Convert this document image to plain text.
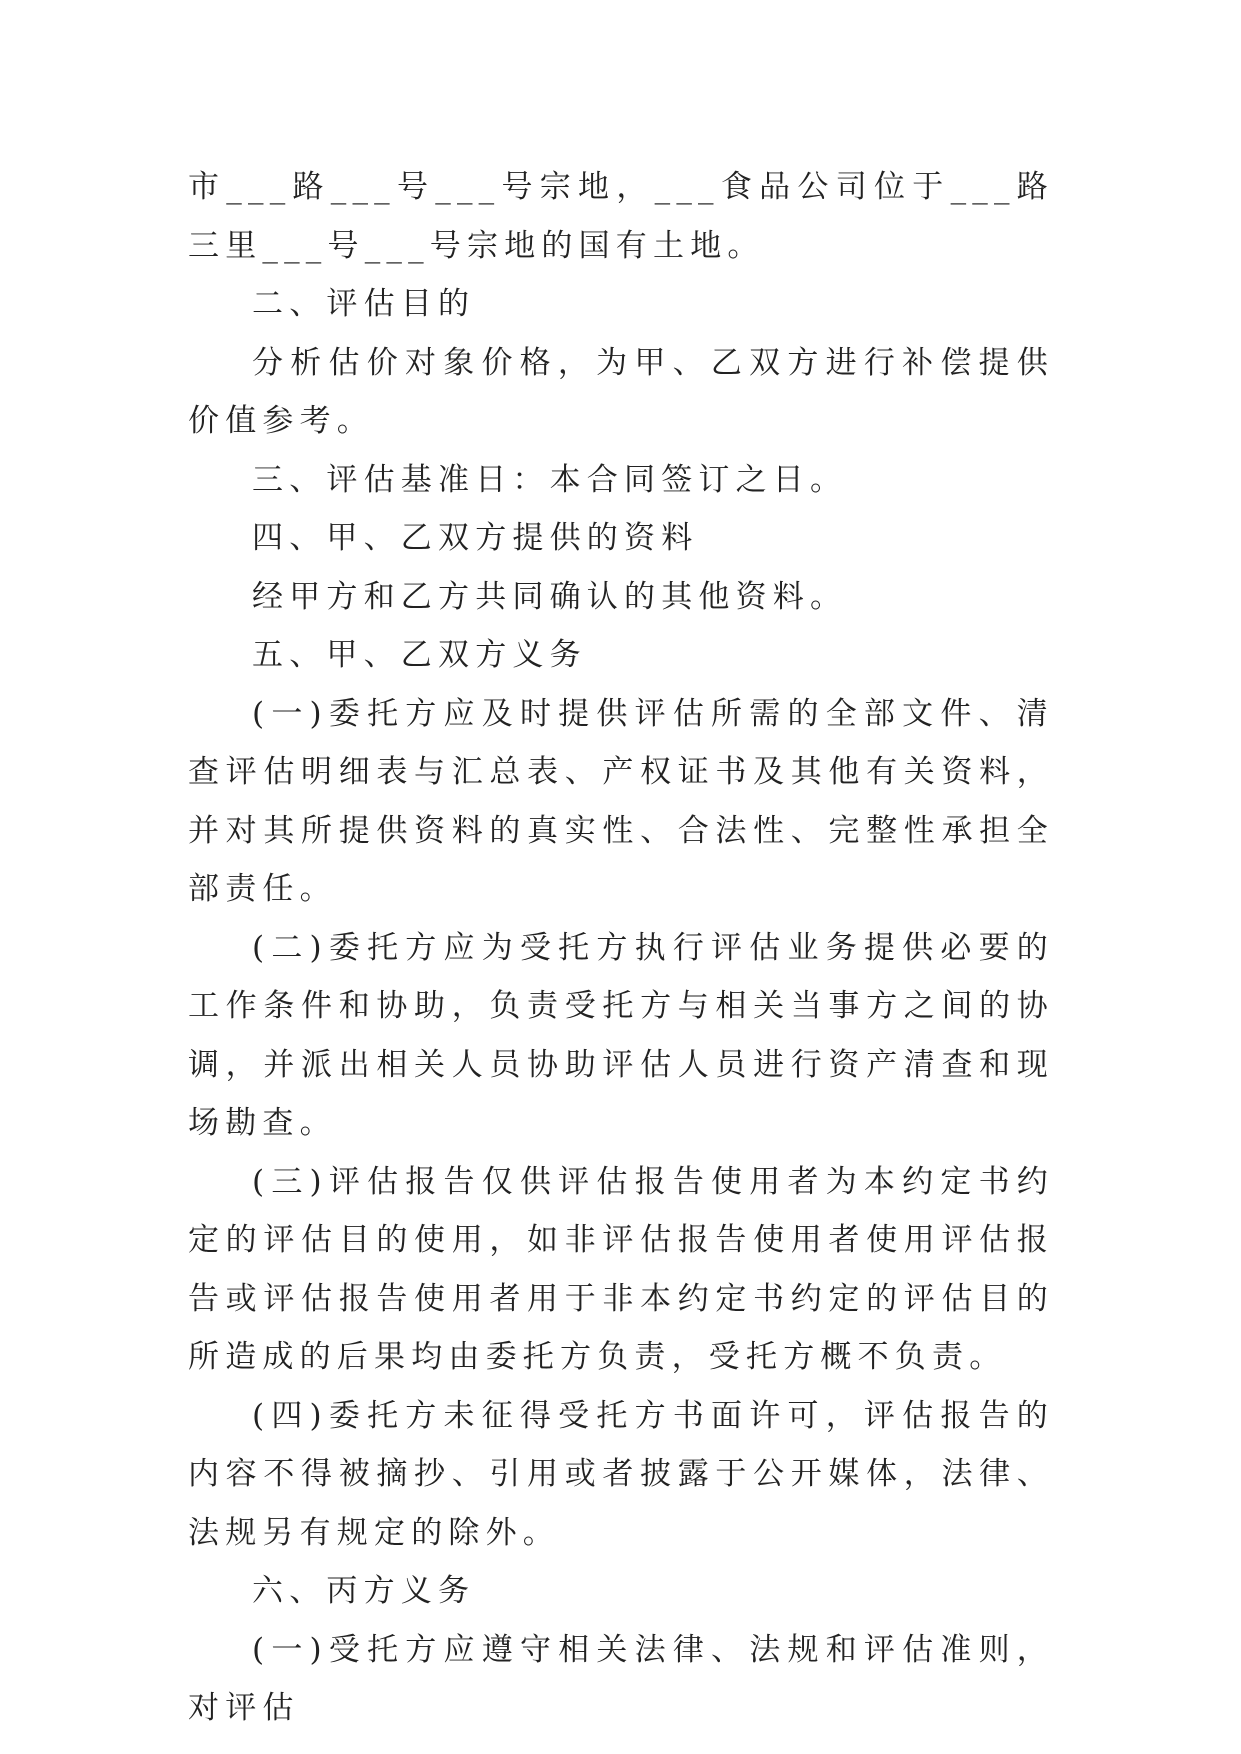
市___路___号___号宗地，___食品公司位于___路三里___号___号宗地的国有土地。

二、评估目的

分析估价对象价格，为甲、乙双方进行补偿提供价值参考。

三、评估基准日：本合同签订之日。

四、甲、乙双方提供的资料

经甲方和乙方共同确认的其他资料。

五、甲、乙双方义务

(一)委托方应及时提供评估所需的全部文件、清查评估明细表与汇总表、产权证书及其他有关资料，并对其所提供资料的真实性、合法性、完整性承担全部责任。

(二)委托方应为受托方执行评估业务提供必要的工作条件和协助，负责受托方与相关当事方之间的协调，并派出相关人员协助评估人员进行资产清查和现场勘查。

(三)评估报告仅供评估报告使用者为本约定书约定的评估目的使用，如非评估报告使用者使用评估报告或评估报告使用者用于非本约定书约定的评估目的所造成的后果均由委托方负责，受托方概不负责。

(四)委托方未征得受托方书面许可，评估报告的内容不得被摘抄、引用或者披露于公开媒体，法律、法规另有规定的除外。

六、丙方义务

(一)受托方应遵守相关法律、法规和评估准则，对评估
